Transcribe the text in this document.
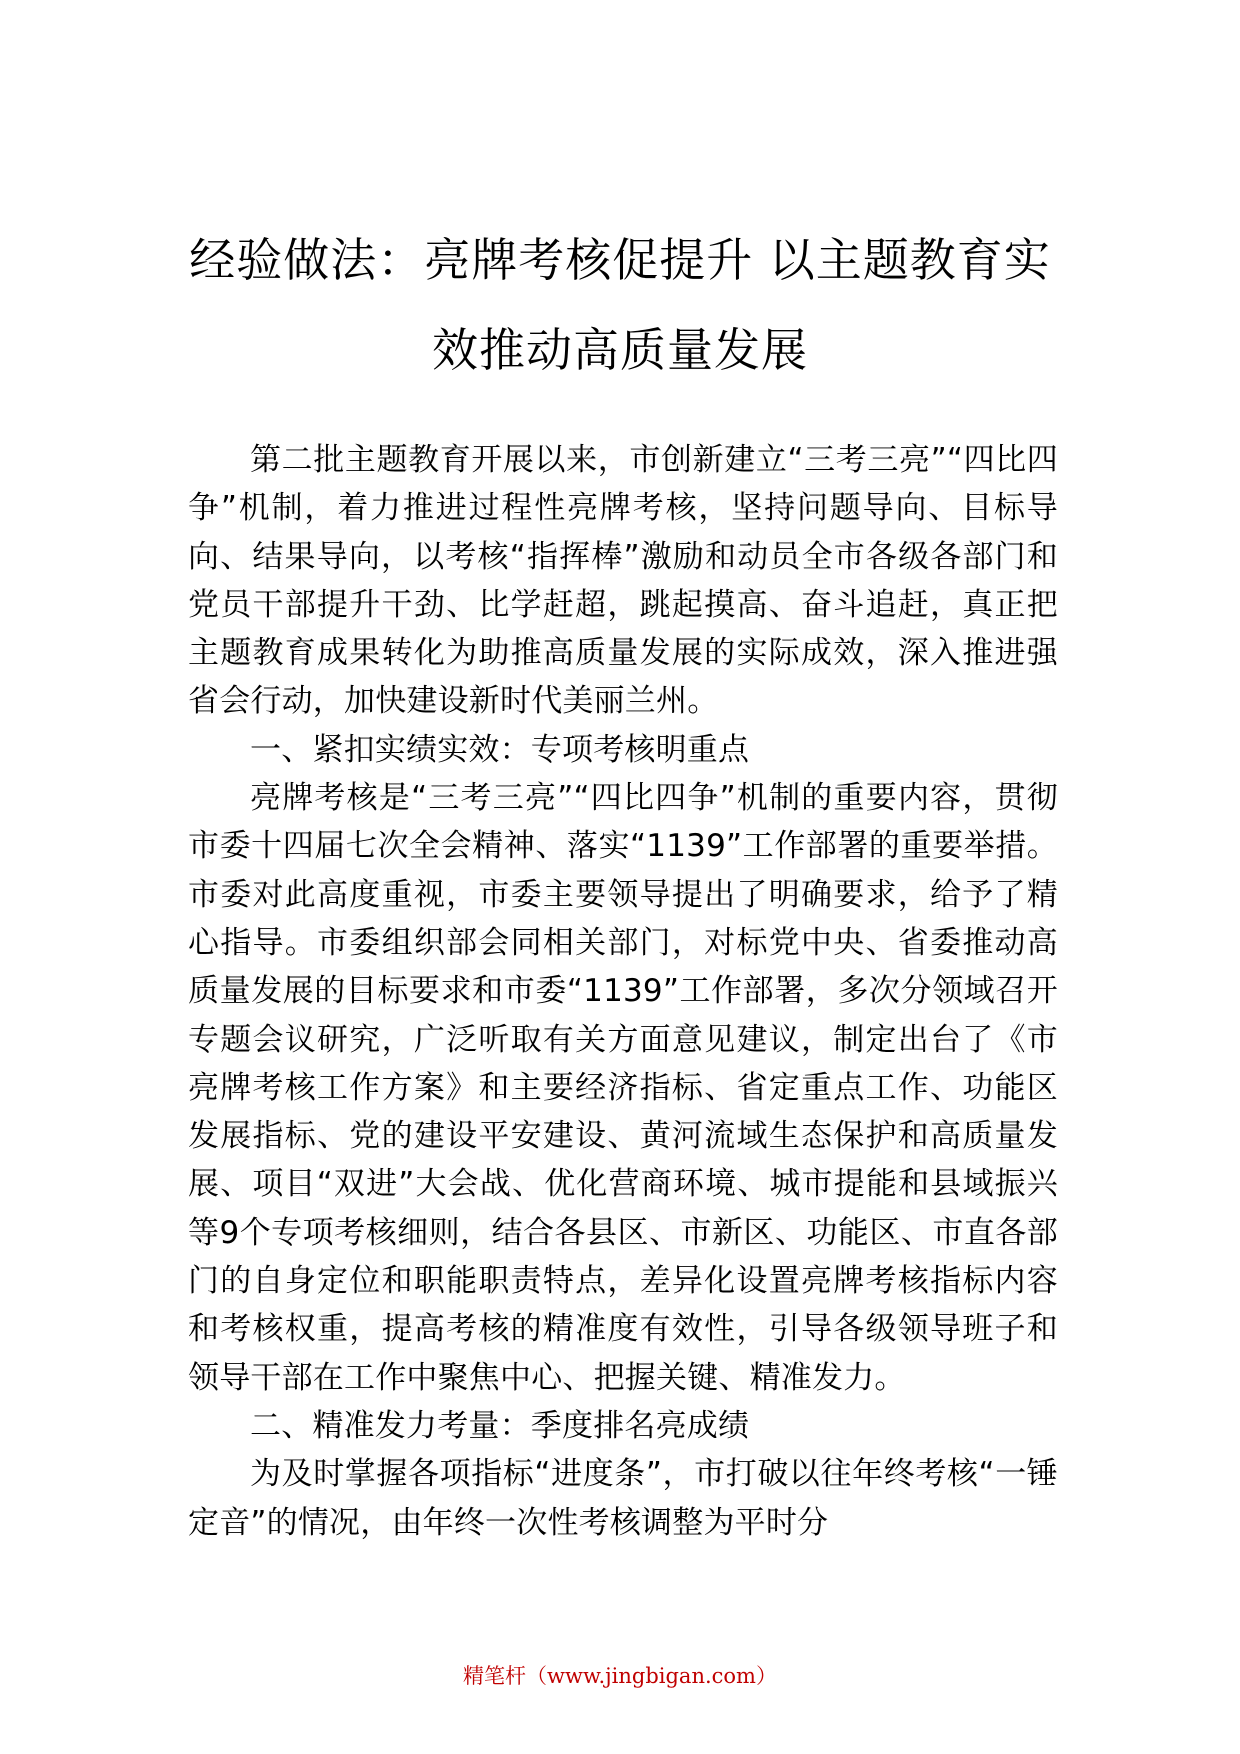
经验做法：亮牌考核促提升 以主题教育实
效推动高质量发展

第二批主题教育开展以来，市创新建立“三考三亮”“四比四争”机制，着力推进过程性亮牌考核，坚持问题导向、目标导向、结果导向，以考核“指挥棒”激励和动员全市各级各部门和党员干部提升干劲、比学赶超，跳起摸高、奋斗追赶，真正把主题教育成果转化为助推高质量发展的实际成效，深入推进强省会行动，加快建设新时代美丽兰州。

一、紧扣实绩实效：专项考核明重点

亮牌考核是“三考三亮”“四比四争”机制的重要内容，贯彻市委十四届七次全会精神、落实“1139”工作部署的重要举措。市委对此高度重视，市委主要领导提出了明确要求，给予了精心指导。市委组织部会同相关部门，对标党中央、省委推动高质量发展的目标要求和市委“1139”工作部署，多次分领域召开专题会议研究，广泛听取有关方面意见建议，制定出台了《市亮牌考核工作方案》和主要经济指标、省定重点工作、功能区发展指标、党的建设平安建设、黄河流域生态保护和高质量发展、项目“双进”大会战、优化营商环境、城市提能和县域振兴等9个专项考核细则，结合各县区、市新区、功能区、市直各部门的自身定位和职能职责特点，差异化设置亮牌考核指标内容和考核权重，提高考核的精准度有效性，引导各级领导班子和领导干部在工作中聚焦中心、把握关键、精准发力。

二、精准发力考量：季度排名亮成绩

为及时掌握各项指标“进度条”，市打破以往年终考核“一锤定音”的情况，由年终一次性考核调整为平时分

精笔杆（www.jingbigan.com）
